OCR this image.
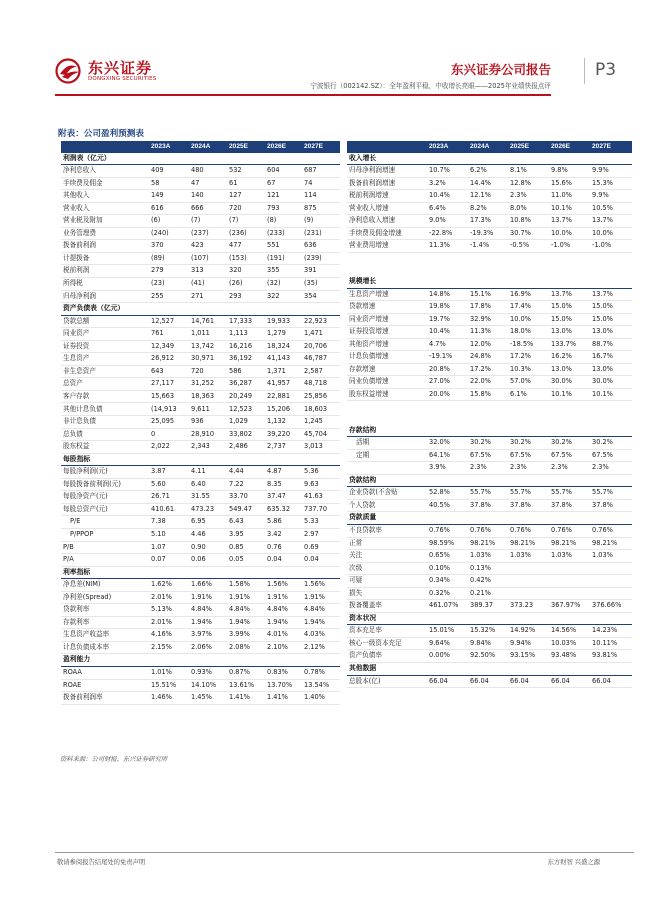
东兴证券
DONGXING SECURITIES
东兴证券公司报告	P3
宁波银行（002142.SZ）：全年盈利平稳，中收增长亮眼——2025年业绩快报点评
附表：公司盈利预测表
	2023A	2024A	2025E	2026E	2027E
利润表（亿元）					
净利息收入	409	480	532	604	687
手续费及佣金	58	47	61	67	74
其他收入	149	140	127	121	114
营业收入	616	666	720	793	875
营业税及附加	(6)	(7)	(7)	(8)	(9)
业务管理费	(240)	(237)	(236)	(233)	(231)
拨备前利润	370	423	477	551	636
计提拨备	(89)	(107)	(153)	(191)	(239)
税前利润	279	313	320	355	391
所得税	(23)	(41)	(26)	(32)	(35)
归母净利润	255	271	293	322	354
资产负债表（亿元）					
贷款总额	12,527	14,761	17,333	19,933	22,923
同业资产	761	1,011	1,113	1,279	1,471
证券投资	12,349	13,742	16,216	18,324	20,706
生息资产	26,912	30,971	36,192	41,143	46,787
非生息资产	643	720	586	1,371	2,587
总资产	27,117	31,252	36,287	41,957	48,718
客户存款	15,663	18,363	20,249	22,881	25,856
其他计息负债	(14,913	9,611	12,523	15,206	18,603
非计息负债	25,095	936	1,029	1,132	1,245
总负债	0	28,910	33,802	39,220	45,704
股东权益	2,022	2,343	2,486	2,737	3,013
每股指标					
每股净利润(元)	3.87	4.11	4.44	4.87	5.36
每股拨备前利润(元)	5.60	6.40	7.22	8.35	9.63
每股净资产(元)	26.71	31.55	33.70	37.47	41.63
每股总资产(元)	410.61	473.23	549.47	635.32	737.70
P/E	7.38	6.95	6.43	5.86	5.33
P/PPOP	5.10	4.46	3.95	3.42	2.97
P/B	1.07	0.90	0.85	0.76	0.69
P/A	0.07	0.06	0.05	0.04	0.04
利率指标					
净息差(NIM)	1.62%	1.66%	1.58%	1.56%	1.56%
净利差(Spread)	2.01%	1.91%	1.91%	1.91%	1.91%
贷款利率	5.13%	4.84%	4.84%	4.84%	4.84%
存款利率	2.01%	1.94%	1.94%	1.94%	1.94%
生息资产收益率	4.16%	3.97%	3.99%	4.01%	4.03%
计息负债成本率	2.15%	2.06%	2.08%	2.10%	2.12%
盈利能力					
ROAA	1.01%	0.93%	0.87%	0.83%	0.78%
ROAE	15.51%	14.10%	13.61%	13.70%	13.54%
拨备前利润率	1.46%	1.45%	1.41%	1.41%	1.40%
	2023A	2024A	2025E	2026E	2027E
收入增长					
归母净利润增速	10.7%	6.2%	8.1%	9.8%	9.9%
拨备前利润增速	3.2%	14.4%	12.8%	15.6%	15.3%
税前利润增速	10.4%	12.1%	2.3%	11.0%	9.9%
营业收入增速	6.4%	8.2%	8.0%	10.1%	10.5%
净利息收入增速	9.0%	17.3%	10.8%	13.7%	13.7%
手续费及佣金增速	-22.8%	-19.3%	30.7%	10.0%	10.0%
营业费用增速	11.3%	-1.4%	-0.5%	-1.0%	-1.0%

规模增长					
生息资产增速	14.8%	15.1%	16.9%	13.7%	13.7%
贷款增速	19.8%	17.8%	17.4%	15.0%	15.0%
同业资产增速	19.7%	32.9%	10.0%	15.0%	15.0%
证券投资增速	10.4%	11.3%	18.0%	13.0%	13.0%
其他资产增速	4.7%	12.0%	-18.5%	133.7%	88.7%
计息负债增速	-19.1%	24.8%	17.2%	16.2%	16.7%
存款增速	20.8%	17.2%	10.3%	13.0%	13.0%
同业负债增速	27.0%	22.0%	57.0%	30.0%	30.0%
股东权益增速	20.0%	15.8%	6.1%	10.1%	10.1%

存款结构					
活期	32.0%	30.2%	30.2%	30.2%	30.2%
定期	64.1%	67.5%	67.5%	67.5%	67.5%
	3.9%	2.3%	2.3%	2.3%	2.3%
贷款结构					
企业贷款(不含贴	52.8%	55.7%	55.7%	55.7%	55.7%
个人贷款	40.5%	37.8%	37.8%	37.8%	37.8%
贷款质量					
不良贷款率	0.76%	0.76%	0.76%	0.76%	0.76%
正常	98.59%	98.21%	98.21%	98.21%	98.21%
关注	0.65%	1.03%	1.03%	1.03%	1.03%
次级	0.10%	0.13%			
可疑	0.34%	0.42%			
损失	0.32%	0.21%			
拨备覆盖率	461.07%	389.37	373.23	367.97%	376.66%
资本状况					
资本充足率	15.01%	15.32%	14.92%	14.56%	14.23%
核心一级资本充足	9.64%	9.84%	9.94%	10.03%	10.11%
资产负债率	0.00%	92.50%	93.15%	93.48%	93.81%
其他数据					
总股本(亿)	66.04	66.04	66.04	66.04	66.04
资料来源：公司财报、东兴证券研究所
敬请参阅报告结尾处的免责声明	东方财智 兴盛之源
